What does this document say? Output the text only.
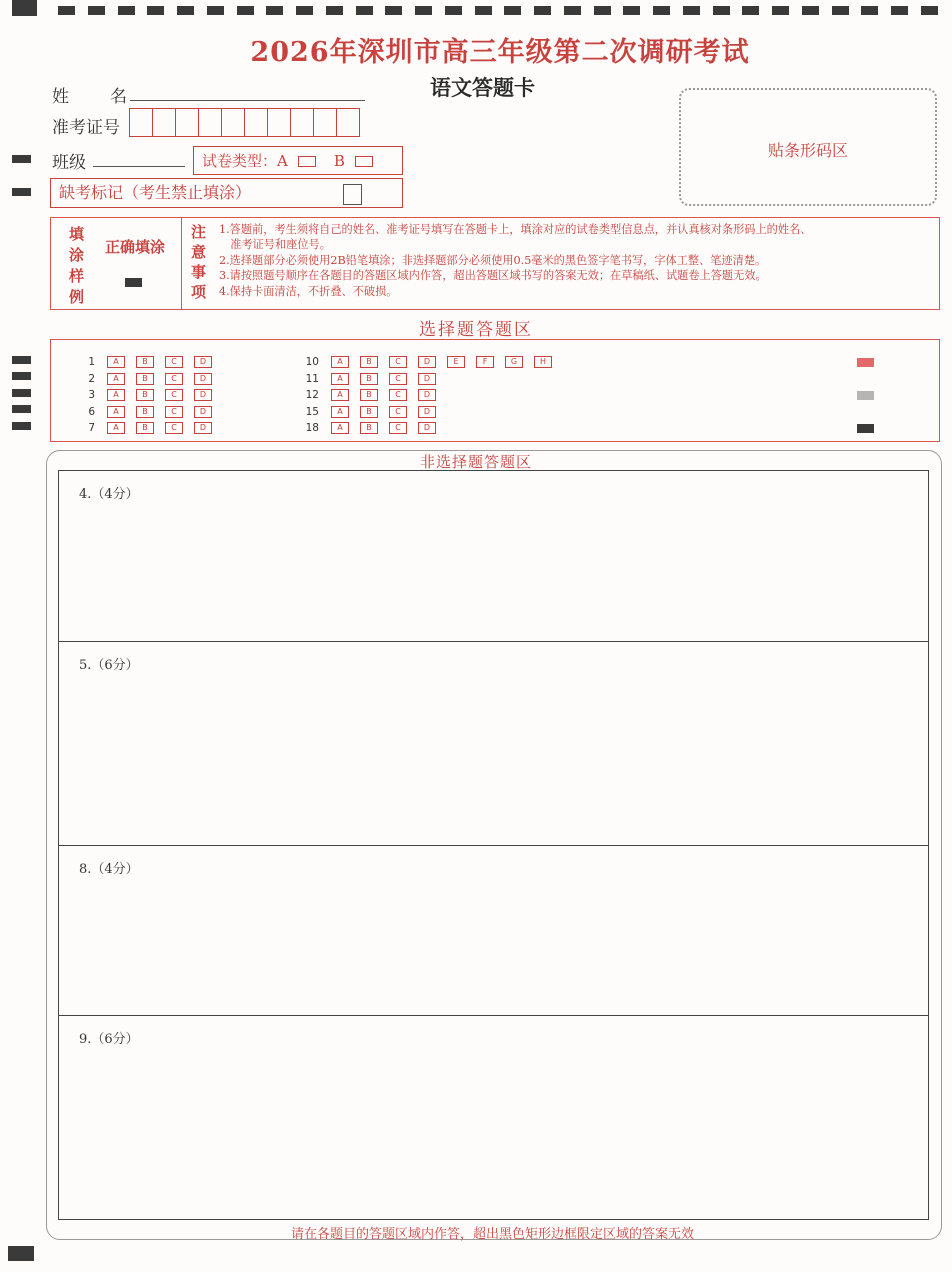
2026年深圳市高三年级第二次调研考试
语文答题卡
姓　名
准考证号
班级	试卷类型：A	B
缺考标记（考生禁止填涂）
贴条形码区
填涂样例
正确填涂
注意事项
1.答题前，考生须将自己的姓名、准考证号填写在答题卡上，填涂对应的试卷类型信息点，并认真核对条形码上的姓名、
　准考证号和座位号。
2.选择题部分必须使用2B铅笔填涂；非选择题部分必须使用0.5毫米的黑色签字笔书写，字体工整、笔迹清楚。
3.请按照题号顺序在各题目的答题区域内作答，超出答题区域书写的答案无效；在草稿纸、试题卷上答题无效。
4.保持卡面清洁，不折叠、不破损。
选择题答题区
1 A	B	C	D
2 A	B	C	D
3 A	B	C	D
6 A	B	C	D
7 A	B	C	D
10 A	B	C	D	E	F	G	H
11 A	B	C	D
12 A	B	C	D
15 A	B	C	D
18 A	B	C	D
非选择题答题区
4.（4分）
5.（6分）
8.（4分）
9.（6分）
请在各题目的答题区域内作答，超出黑色矩形边框限定区域的答案无效
